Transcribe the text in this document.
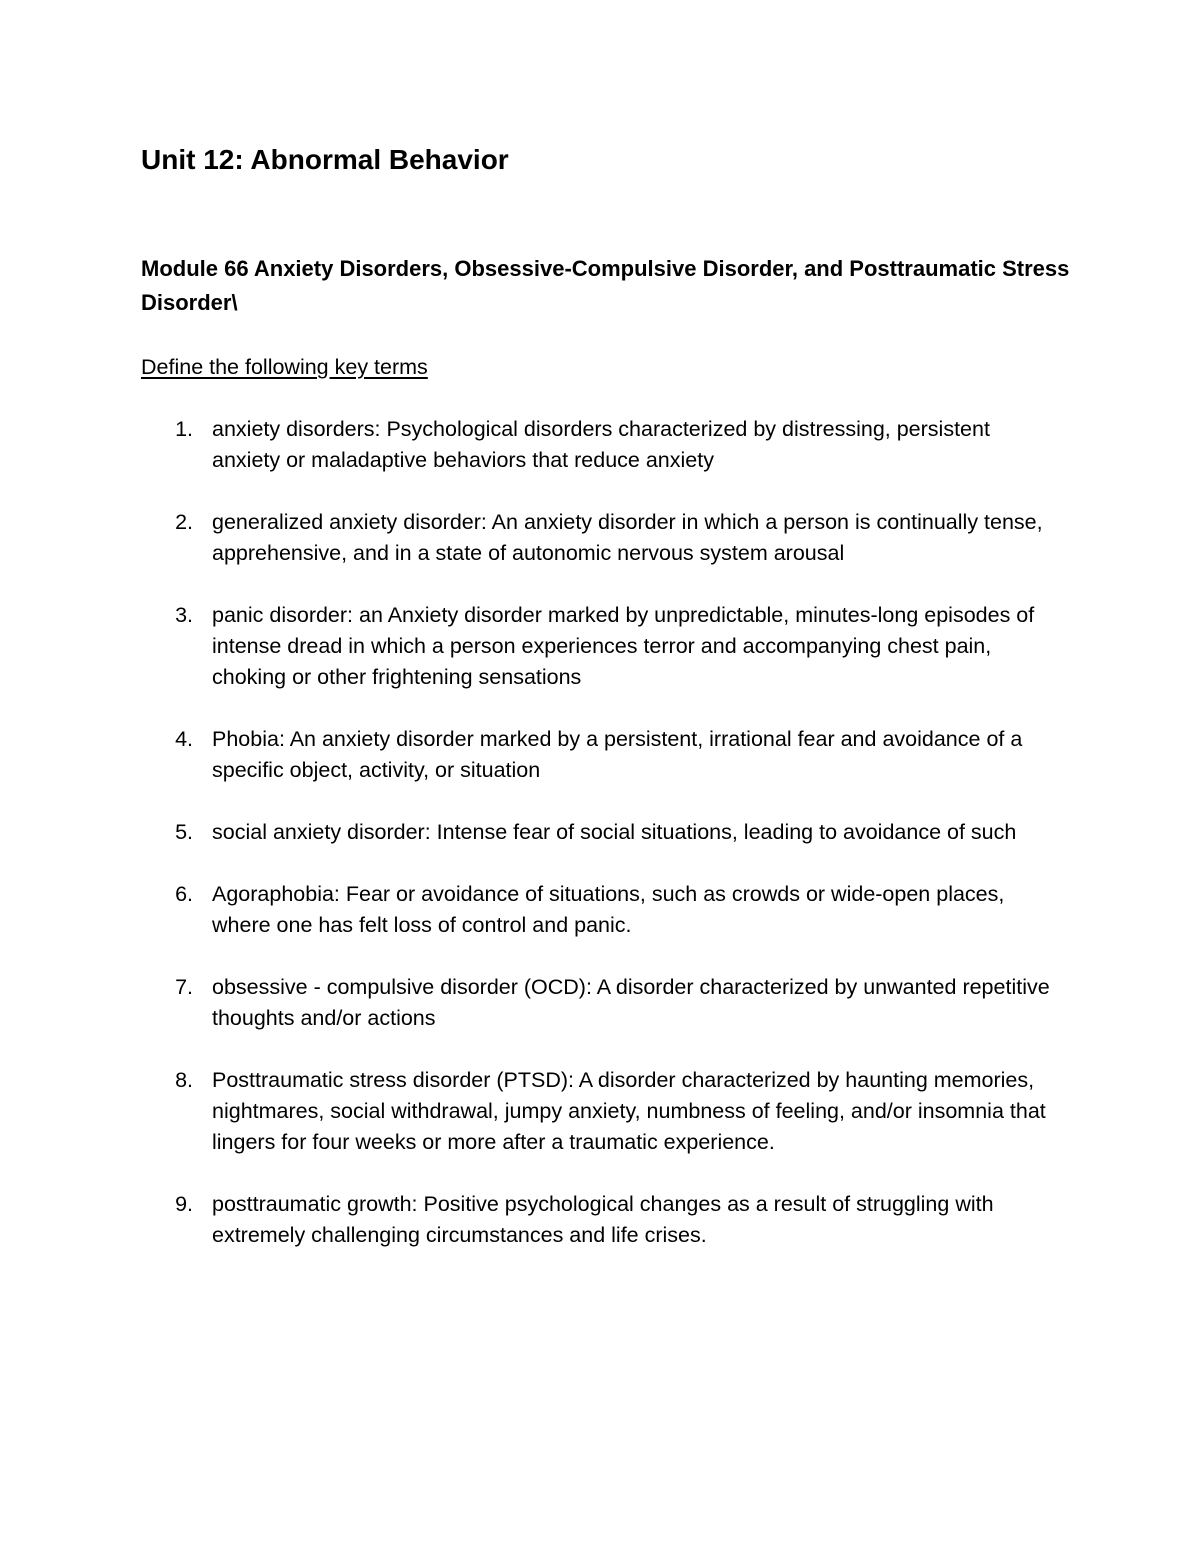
Unit 12: Abnormal Behavior
Module 66 Anxiety Disorders, Obsessive-Compulsive Disorder, and Posttraumatic Stress Disorder\

Define the following key terms

1. anxiety disorders: Psychological disorders characterized by distressing, persistent anxiety or maladaptive behaviors that reduce anxiety
2. generalized anxiety disorder: An anxiety disorder in which a person is continually tense, apprehensive, and in a state of autonomic nervous system arousal
3. panic disorder: an Anxiety disorder marked by unpredictable, minutes-long episodes of intense dread in which a person experiences terror and accompanying chest pain, choking or other frightening sensations
4. Phobia: An anxiety disorder marked by a persistent, irrational fear and avoidance of a specific object, activity, or situation
5. social anxiety disorder: Intense fear of social situations, leading to avoidance of such
6. Agoraphobia: Fear or avoidance of situations, such as crowds or wide-open places, where one has felt loss of control and panic.
7. obsessive - compulsive disorder (OCD): A disorder characterized by unwanted repetitive thoughts and/or actions
8. Posttraumatic stress disorder (PTSD): A disorder characterized by haunting memories, nightmares, social withdrawal, jumpy anxiety, numbness of feeling, and/or insomnia that lingers for four weeks or more after a traumatic experience.
9. posttraumatic growth: Positive psychological changes as a result of struggling with extremely challenging circumstances and life crises.
